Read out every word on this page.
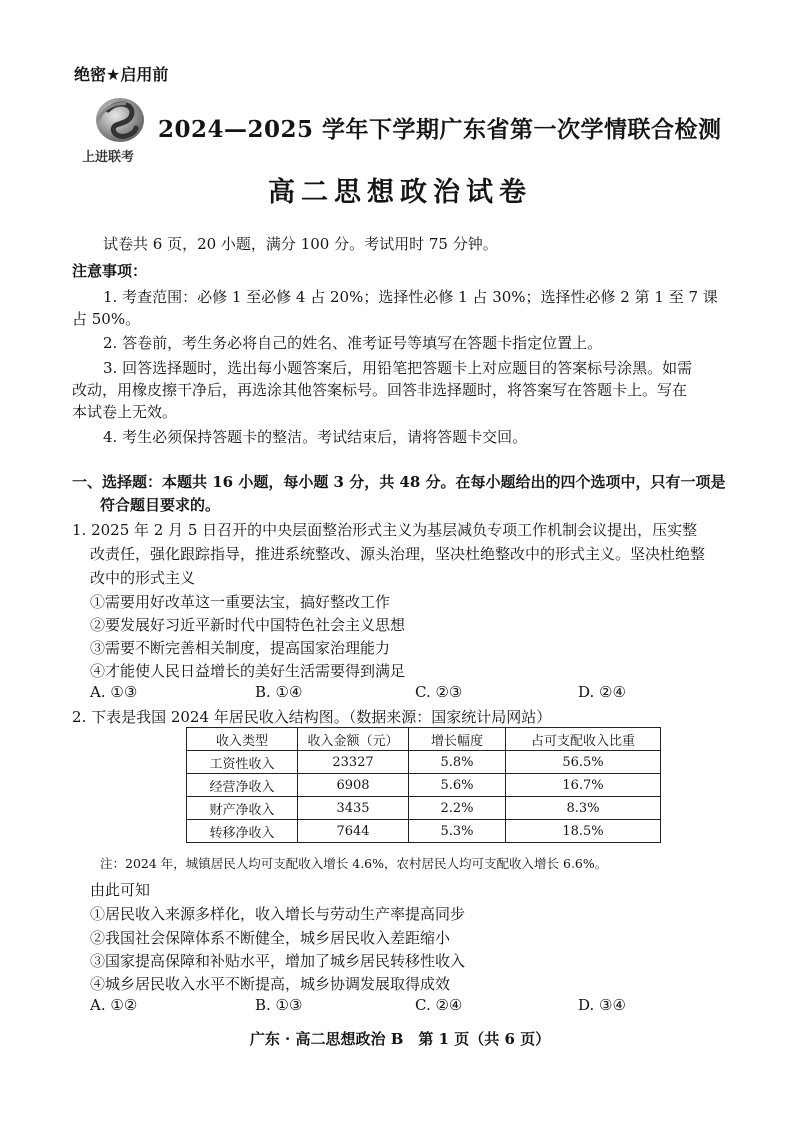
绝密★启用前
上进联考
2024—2025 学年下学期广东省第一次学情联合检测
高二思想政治试卷
试卷共 6 页，20 小题，满分 100 分。考试用时 75 分钟。
注意事项：
1. 考查范围：必修 1 至必修 4 占 20%；选择性必修 1 占 30%；选择性必修 2 第 1 至 7 课
占 50%。
2. 答卷前，考生务必将自己的姓名、准考证号等填写在答题卡指定位置上。
3. 回答选择题时，选出每小题答案后，用铅笔把答题卡上对应题目的答案标号涂黑。如需
改动，用橡皮擦干净后，再选涂其他答案标号。回答非选择题时，将答案写在答题卡上。写在
本试卷上无效。
4. 考生必须保持答题卡的整洁。考试结束后，请将答题卡交回。
一、选择题：本题共 16 小题，每小题 3 分，共 48 分。在每小题给出的四个选项中，只有一项是
符合题目要求的。
1. 2025 年 2 月 5 日召开的中央层面整治形式主义为基层减负专项工作机制会议提出，压实整
改责任，强化跟踪指导，推进系统整改、源头治理，坚决杜绝整改中的形式主义。坚决杜绝整
改中的形式主义
①需要用好改革这一重要法宝，搞好整改工作
②要发展好习近平新时代中国特色社会主义思想
③需要不断完善相关制度，提高国家治理能力
④才能使人民日益增长的美好生活需要得到满足
A. ①③	B. ①④	C. ②③	D. ②④
2. 下表是我国 2024 年居民收入结构图。（数据来源：国家统计局网站）
收入类型	收入金额（元）	增长幅度	占可支配收入比重
工资性收入	23327	5.8%	56.5%
经营净收入	6908	5.6%	16.7%
财产净收入	3435	2.2%	8.3%
转移净收入	7644	5.3%	18.5%
注：2024 年，城镇居民人均可支配收入增长 4.6%，农村居民人均可支配收入增长 6.6%。
由此可知
①居民收入来源多样化，收入增长与劳动生产率提高同步
②我国社会保障体系不断健全，城乡居民收入差距缩小
③国家提高保障和补贴水平，增加了城乡居民转移性收入
④城乡居民收入水平不断提高，城乡协调发展取得成效
A. ①②	B. ①③	C. ②④	D. ③④
广东 · 高二思想政治 B　第 1 页（共 6 页）
